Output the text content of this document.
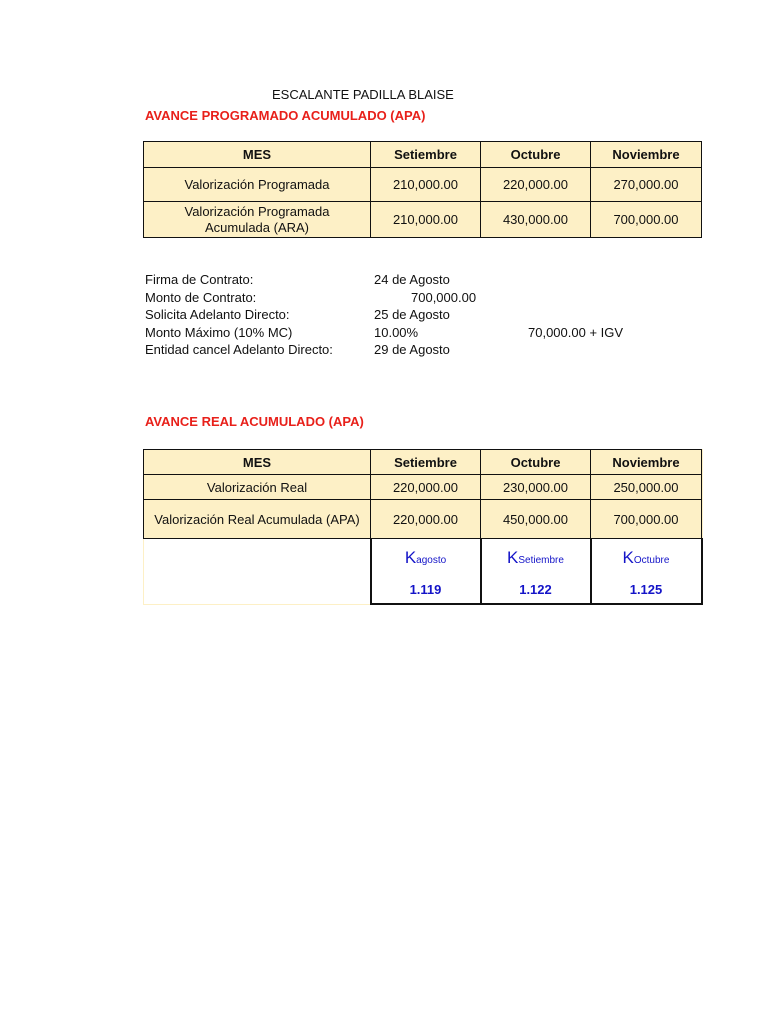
ESCALANTE PADILLA BLAISE
AVANCE PROGRAMADO ACUMULADO (APA)
MES	Setiembre	Octubre	Noviembre
Valorización Programada	210,000.00	220,000.00	270,000.00

Valorización Programada
Acumulada (ARA)	210,000.00	430,000.00	700,000.00
Firma de Contrato:	24 de Agosto
Monto de Contrato:	700,000.00
Solicita Adelanto Directo:	25 de Agosto
Monto Máximo (10% MC)	10.00%	70,000.00 + IGV
Entidad cancel Adelanto Directo:	29 de Agosto
AVANCE REAL ACUMULADO (APA)
MES	Setiembre	Octubre	Noviembre
Valorización Real	220,000.00	230,000.00	250,000.00
Valorización Real Acumulada (APA)	220,000.00	450,000.00	700,000.00
	Kagosto	KSetiembre	KOctubre
	1.119	1.122	1.125
